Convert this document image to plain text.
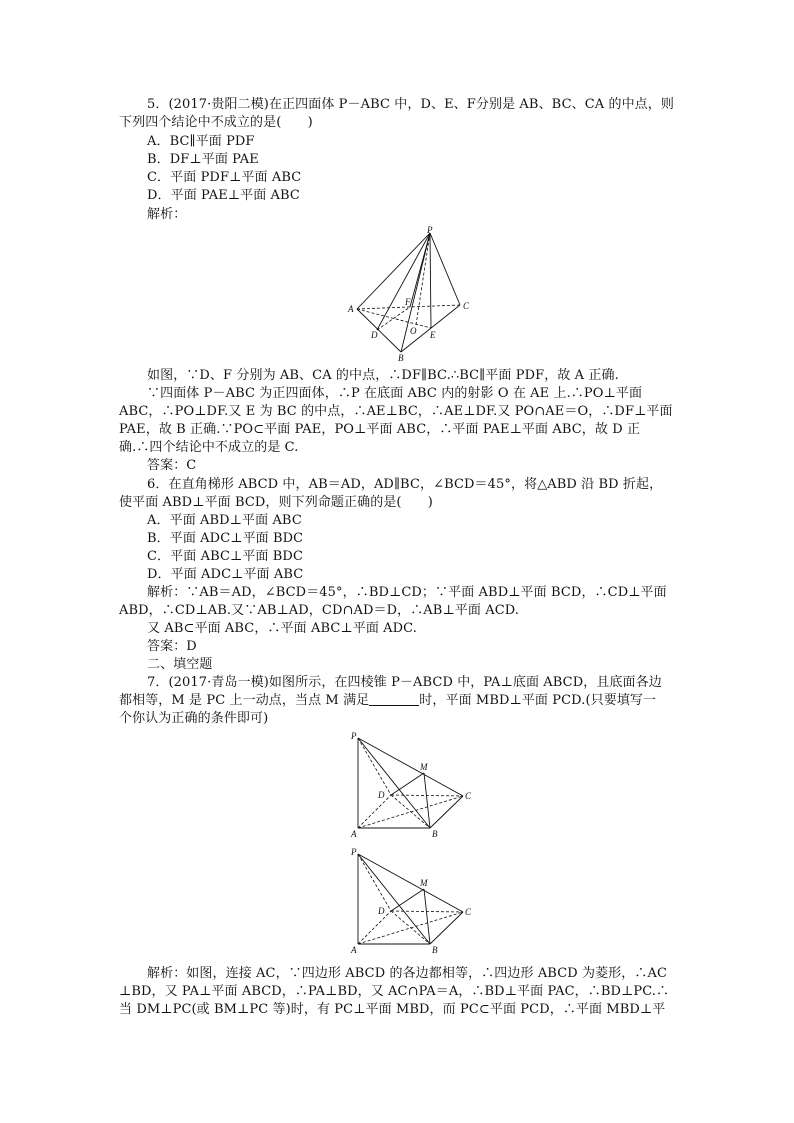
5．(2017·贵阳二模)在正四面体 P－ABC 中，D、E、F分别是 AB、BC、CA 的中点，则
下列四个结论中不成立的是(　　)
A．BC∥平面 PDF
B．DF⊥平面 PAE
C．平面 PDF⊥平面 ABC
D．平面 PAE⊥平面 ABC
解析：
P
A
B
C
D	E
F
O
如图，∵D、F 分别为 AB、CA 的中点，∴DF∥BC.∴BC∥平面 PDF，故 A 正确.
∵四面体 P－ABC 为正四面体，∴P 在底面 ABC 内的射影 O 在 AE 上.∴PO⊥平面
ABC，∴PO⊥DF.又 E 为 BC 的中点，∴AE⊥BC，∴AE⊥DF.又 PO∩AE＝O，∴DF⊥平面
PAE，故 B 正确.∵PO⊂平面 PAE，PO⊥平面 ABC，∴平面 PAE⊥平面 ABC，故 D 正
确.∴四个结论中不成立的是 C.
答案：C
6．在直角梯形 ABCD 中，AB＝AD，AD∥BC，∠BCD＝45°，将△ABD 沿 BD 折起，
使平面 ABD⊥平面 BCD，则下列命题正确的是(　　)
A．平面 ABD⊥平面 ABC
B．平面 ADC⊥平面 BDC
C．平面 ABC⊥平面 BDC
D．平面 ADC⊥平面 ABC
解析：∵AB＝AD，∠BCD＝45°，∴BD⊥CD；∵平面 ABD⊥平面 BCD，∴CD⊥平面
ABD，∴CD⊥AB.又∵AB⊥AD，CD∩AD＝D，∴AB⊥平面 ACD.
又 AB⊂平面 ABC，∴平面 ABC⊥平面 ADC.
答案：D
二、填空题
7．(2017·青岛一模)如图所示，在四棱锥 P－ABCD 中，PA⊥底面 ABCD，且底面各边
都相等，M 是 PC 上一动点，当点 M 满足	时，平面 MBD⊥平面 PCD.(只要填写一
个你认为正确的条件即可)
P
A	B
C
D
M
P
A	B
C
D
M
解析：如图，连接 AC，∵四边形 ABCD 的各边都相等，∴四边形 ABCD 为菱形，∴AC
⊥BD，又 PA⊥平面 ABCD，∴PA⊥BD，又 AC∩PA＝A，∴BD⊥平面 PAC，∴BD⊥PC.∴
当 DM⊥PC(或 BM⊥PC 等)时，有 PC⊥平面 MBD，而 PC⊂平面 PCD，∴平面 MBD⊥平
